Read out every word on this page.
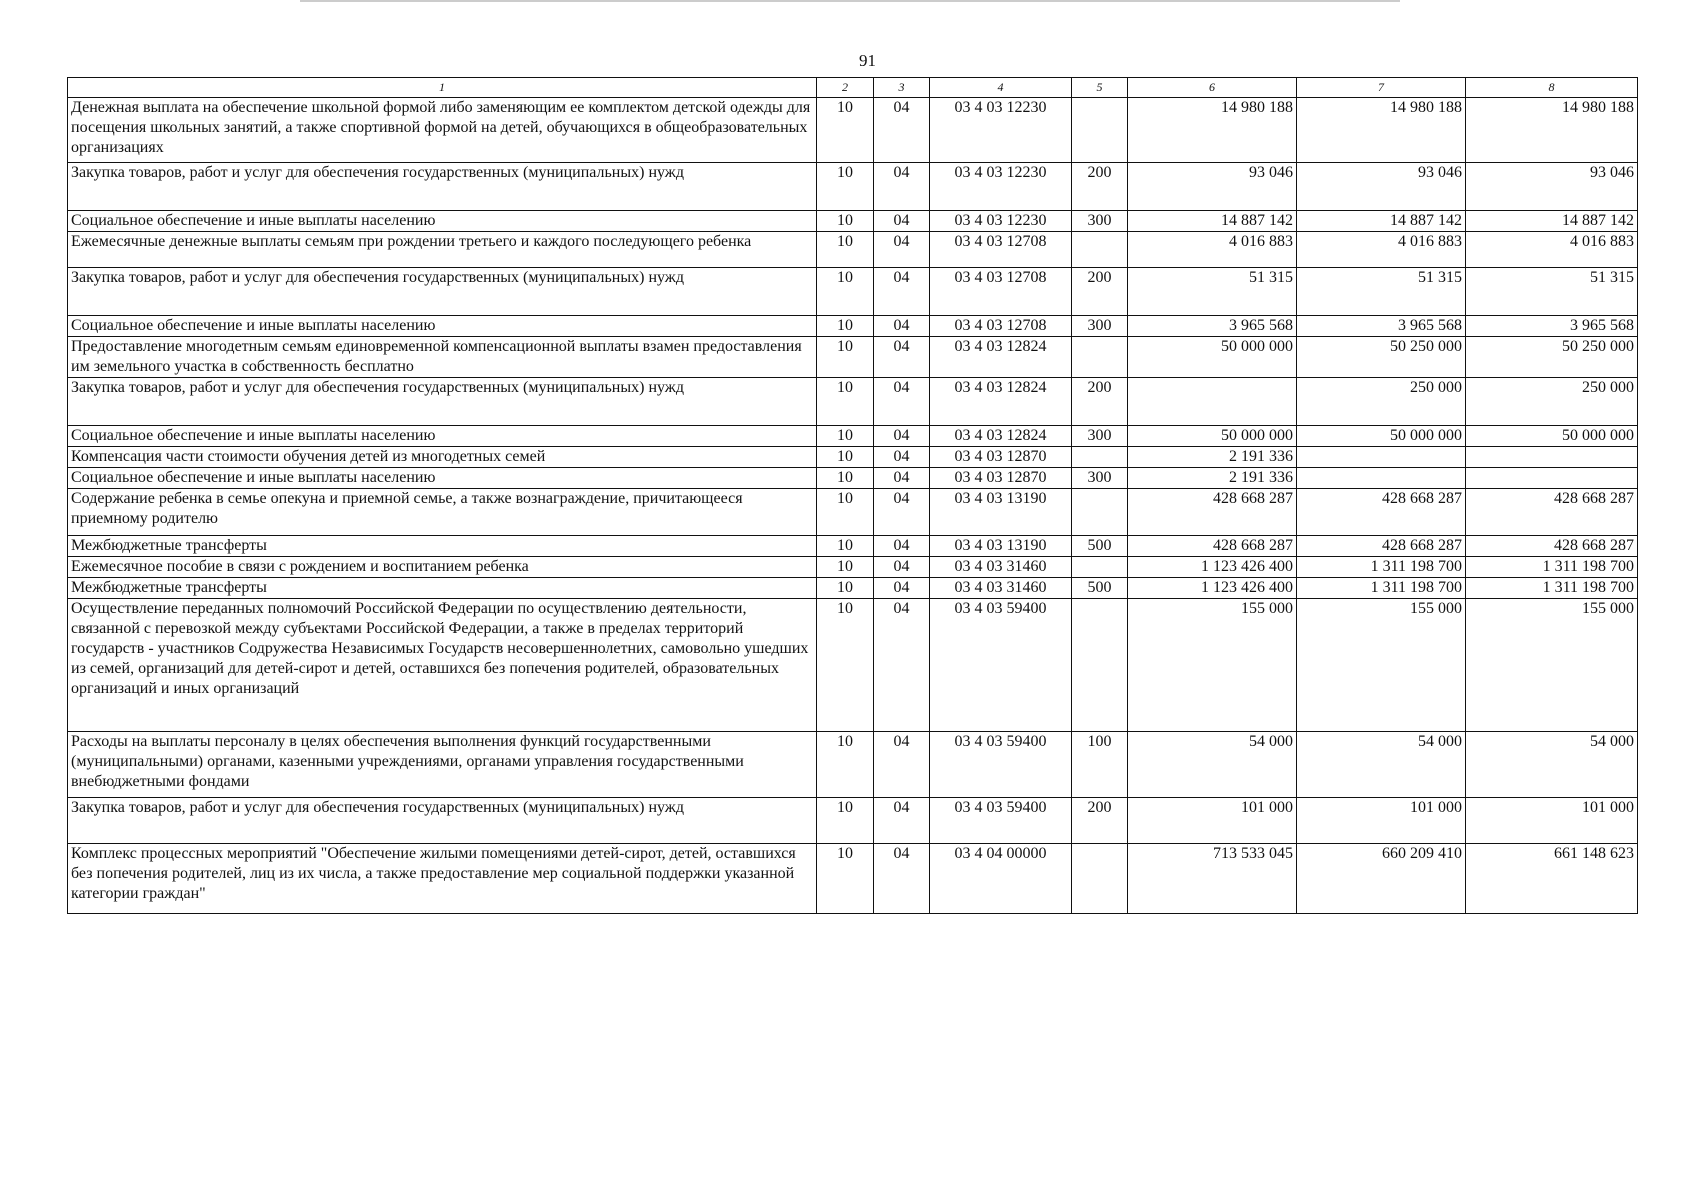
91
1	2	3	4	5	6	7	8
Денежная выплата на обеспечение школьной формой либо заменяющим ее комплектом детской одежды для посещения школьных занятий, а также спортивной формой на детей, обучающихся в общеобразовательных организациях	10	04	03 4 03 12230		14 980 188	14 980 188	14 980 188
Закупка товаров, работ и услуг для обеспечения государственных (муниципальных) нужд	10	04	03 4 03 12230	200	93 046	93 046	93 046
Социальное обеспечение и иные выплаты населению	10	04	03 4 03 12230	300	14 887 142	14 887 142	14 887 142
Ежемесячные денежные выплаты семьям при рождении третьего и каждого последующего ребенка	10	04	03 4 03 12708		4 016 883	4 016 883	4 016 883
Закупка товаров, работ и услуг для обеспечения государственных (муниципальных) нужд	10	04	03 4 03 12708	200	51 315	51 315	51 315
Социальное обеспечение и иные выплаты населению	10	04	03 4 03 12708	300	3 965 568	3 965 568	3 965 568
Предоставление многодетным семьям единовременной компенсационной выплаты взамен предоставления им земельного участка в собственность бесплатно	10	04	03 4 03 12824		50 000 000	50 250 000	50 250 000
Закупка товаров, работ и услуг для обеспечения государственных (муниципальных) нужд	10	04	03 4 03 12824	200		250 000	250 000
Социальное обеспечение и иные выплаты населению	10	04	03 4 03 12824	300	50 000 000	50 000 000	50 000 000
Компенсация части стоимости обучения детей из многодетных семей	10	04	03 4 03 12870		2 191 336		
Социальное обеспечение и иные выплаты населению	10	04	03 4 03 12870	300	2 191 336		
Содержание ребенка в семье опекуна и приемной семье, а также вознаграждение, причитающееся приемному родителю	10	04	03 4 03 13190		428 668 287	428 668 287	428 668 287
Межбюджетные трансферты	10	04	03 4 03 13190	500	428 668 287	428 668 287	428 668 287
Ежемесячное пособие в связи с рождением и воспитанием ребенка	10	04	03 4 03 31460		1 123 426 400	1 311 198 700	1 311 198 700
Межбюджетные трансферты	10	04	03 4 03 31460	500	1 123 426 400	1 311 198 700	1 311 198 700
Осуществление переданных полномочий Российской Федерации по осуществлению деятельности, связанной с перевозкой между субъектами Российской Федерации, а также в пределах территорий государств - участников Содружества Независимых Государств несовершеннолетних, самовольно ушедших из семей, организаций для детей-сирот и детей, оставшихся без попечения родителей, образовательных организаций и иных организаций	10	04	03 4 03 59400		155 000	155 000	155 000
Расходы на выплаты персоналу в целях обеспечения выполнения функций государственными (муниципальными) органами, казенными учреждениями, органами управления государственными внебюджетными фондами	10	04	03 4 03 59400	100	54 000	54 000	54 000
Закупка товаров, работ и услуг для обеспечения государственных (муниципальных) нужд	10	04	03 4 03 59400	200	101 000	101 000	101 000
Комплекс процессных мероприятий "Обеспечение жилыми помещениями детей-сирот, детей, оставшихся без попечения родителей, лиц из их числа, а также предоставление мер социальной поддержки указанной категории граждан"	10	04	03 4 04 00000		713 533 045	660 209 410	661 148 623
